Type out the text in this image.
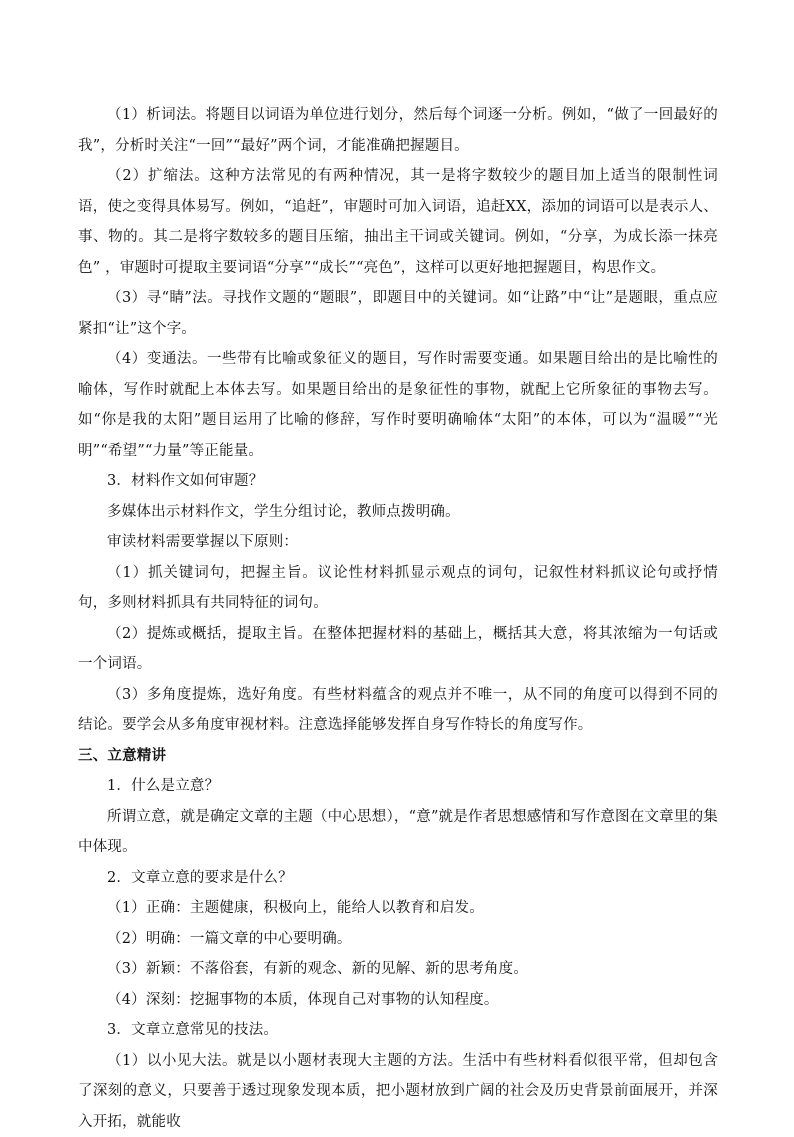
（1）析词法。将题目以词语为单位进行划分，然后每个词逐一分析。例如，“做了一回最好的我”，分析时关注“一回”“最好”两个词，才能准确把握题目。

（2）扩缩法。这种方法常见的有两种情况，其一是将字数较少的题目加上适当的限制性词语，使之变得具体易写。例如，“追赶”，审题时可加入词语，追赶XX，添加的词语可以是表示人、事、物的。其二是将字数较多的题目压缩，抽出主干词或关键词。例如，“分享，为成长添一抹亮色” ，审题时可提取主要词语“分享”“成长”“亮色”，这样可以更好地把握题目，构思作文。

（3）寻“睛”法。寻找作文题的“题眼”，即题目中的关键词。如“让路”中“让”是题眼，重点应紧扣“让”这个字。

（4）变通法。一些带有比喻或象征义的题目，写作时需要变通。如果题目给出的是比喻性的喻体，写作时就配上本体去写。如果题目给出的是象征性的事物，就配上它所象征的事物去写。如“你是我的太阳”题目运用了比喻的修辞，写作时要明确喻体“太阳”的本体，可以为“温暖”“光明”“希望”“力量”等正能量。

3．材料作文如何审题？

多媒体出示材料作文，学生分组讨论，教师点拨明确。

审读材料需要掌握以下原则：

（1）抓关键词句，把握主旨。议论性材料抓显示观点的词句，记叙性材料抓议论句或抒情句，多则材料抓具有共同特征的词句。

（2）提炼或概括，提取主旨。在整体把握材料的基础上，概括其大意，将其浓缩为一句话或一个词语。

（3）多角度提炼，选好角度。有些材料蕴含的观点并不唯一，从不同的角度可以得到不同的结论。要学会从多角度审视材料。注意选择能够发挥自身写作特长的角度写作。

三、立意精讲

1．什么是立意？

所谓立意，就是确定文章的主题（中心思想），“意”就是作者思想感情和写作意图在文章里的集中体现。

2．文章立意的要求是什么？

（1）正确：主题健康，积极向上，能给人以教育和启发。

（2）明确：一篇文章的中心要明确。

（3）新颖：不落俗套，有新的观念、新的见解、新的思考角度。

（4）深刻：挖掘事物的本质，体现自己对事物的认知程度。

3．文章立意常见的技法。

（1）以小见大法。就是以小题材表现大主题的方法。生活中有些材料看似很平常，但却包含了深刻的意义，只要善于透过现象发现本质，把小题材放到广阔的社会及历史背景前面展开，并深入开拓，就能收
